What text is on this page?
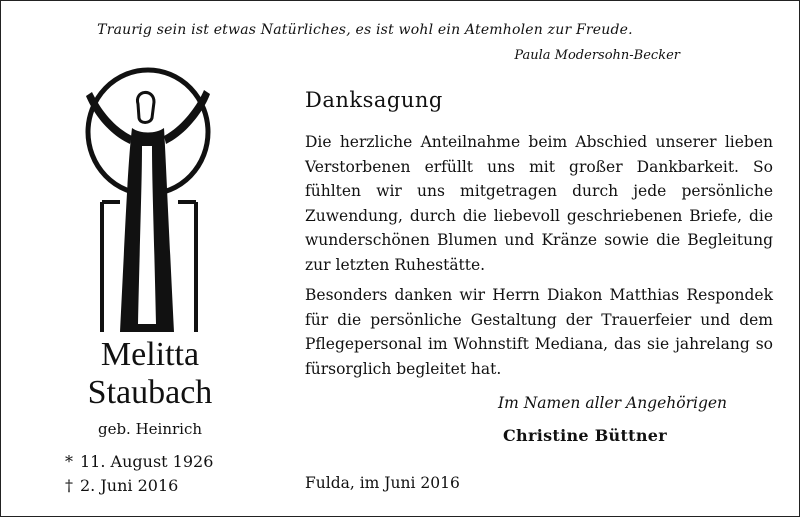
Traurig sein ist etwas Natürliches, es ist wohl ein Atemholen zur Freude.
Paula Modersohn-Becker
Melitta
Staubach
geb. Heinrich
* 11. August 1926
† 2. Juni 2016
Danksagung

Die herzliche Anteilnahme beim Abschied unserer lieben Verstorbenen erfüllt uns mit großer Dankbarkeit. So fühlten wir uns mitgetragen durch jede persönliche Zuwendung, durch die liebevoll geschriebenen Briefe, die wunderschönen Blumen und Kränze sowie die Begleitung zur letzten Ruhestätte.

Besonders danken wir Herrn Diakon Matthias Respondek für die persönliche Gestaltung der Trauerfeier und dem Pflegepersonal im Wohnstift Mediana, das sie jahrelang so fürsorglich begleitet hat.

Im Namen aller Angehörigen
Christine Büttner
Fulda, im Juni 2016
